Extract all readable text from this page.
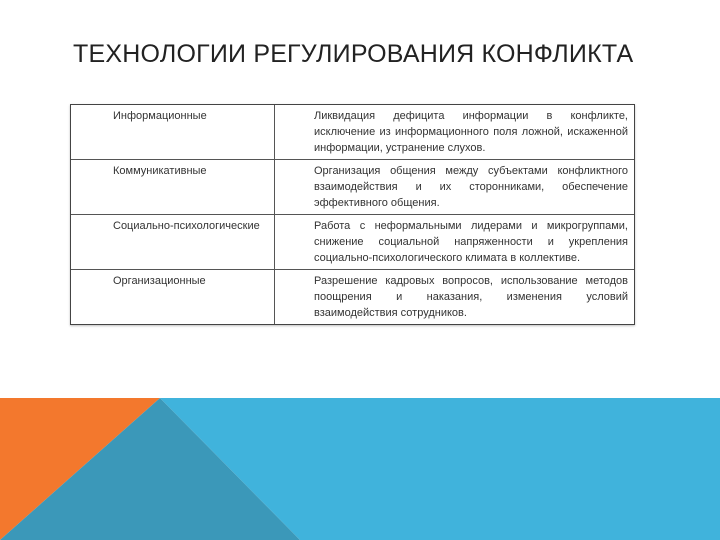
ТЕХНОЛОГИИ РЕГУЛИРОВАНИЯ КОНФЛИКТА
Информационные	Ликвидация дефицита информации в конфликте, исключение из информационного поля ложной, искаженной информации, устранение слухов.
Коммуникативные	Организация общения между субъектами конфликтного взаимодействия и их сторонниками, обеспечение эффективного общения.
Социально-психологические	Работа с неформальными лидерами и микрогруппами, снижение социальной напряженности и укрепления социально-психологического климата в коллективе.
Организационные	Разрешение кадровых вопросов, использование методов поощрения и наказания, изменения условий взаимодействия сотрудников.
